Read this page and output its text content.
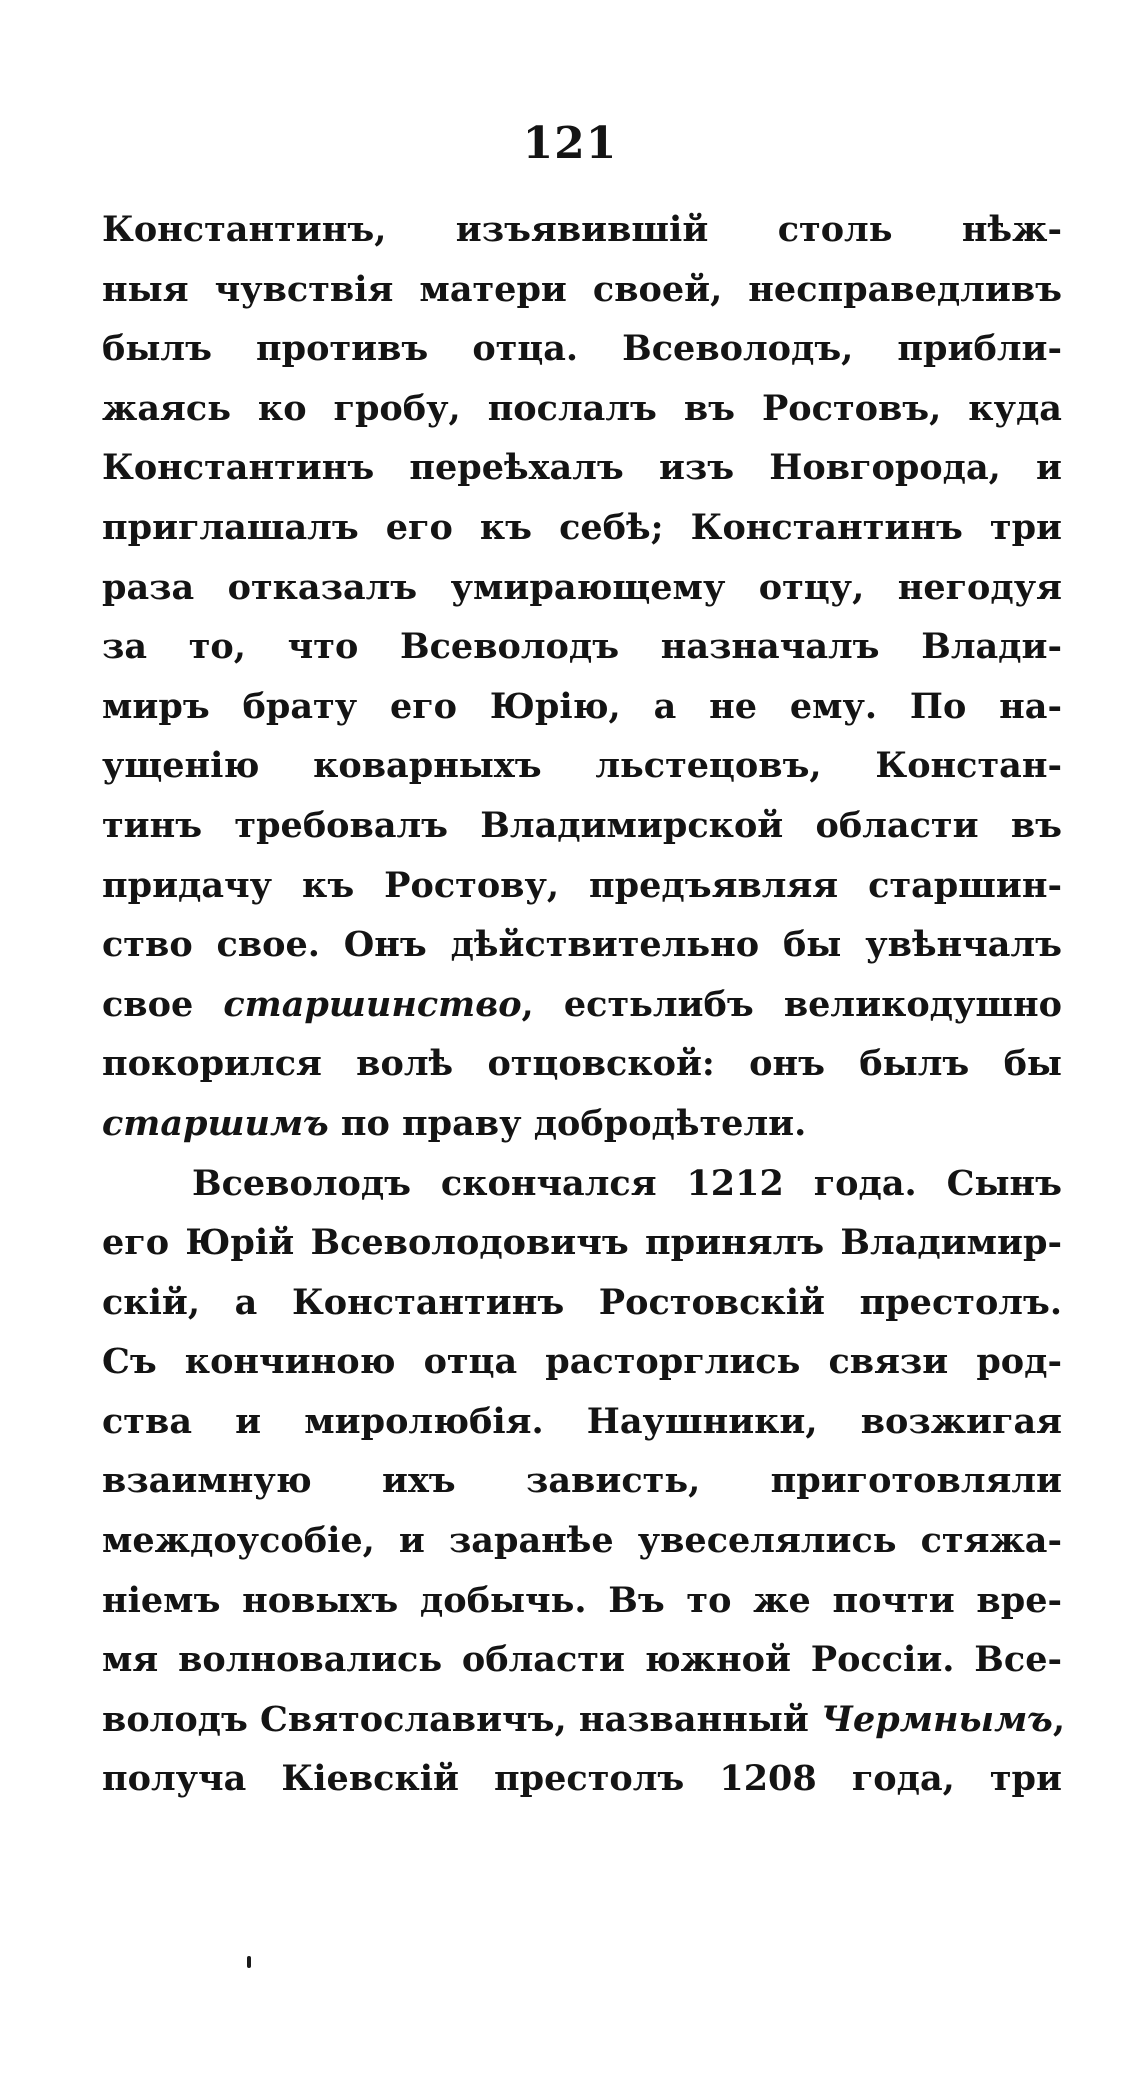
121
Константинъ, изъявившій столь нѣж-
ныя чувствія матери своей, несправедливъ
былъ противъ отца. Всеволодъ, прибли-
жаясь ко гробу, послалъ въ Ростовъ, куда
Константинъ переѣхалъ изъ Новгорода, и
приглашалъ его къ себѣ; Константинъ три
раза отказалъ умирающему отцу, негодуя
за то, что Всеволодъ назначалъ Влади-
миръ брату его Юрію, а не ему. По на-
ущенію коварныхъ льстецовъ, Констан-
тинъ требовалъ Владимирской области въ
придачу къ Ростову, предъявляя старшин-
ство свое. Онъ дѣйствительно бы увѣнчалъ
свое старшинство, естьлибъ великодушно
покорился волѣ отцовской: онъ былъ бы
старшимъ по праву добродѣтели.
Всеволодъ скончался 1212 года. Сынъ
его Юрій Всеволодовичъ принялъ Владимир-
скій, а Константинъ Ростовскій престолъ.
Съ кончиною отца расторглись связи род-
ства и миролюбія. Наушники, возжигая
взаимную ихъ зависть, приготовляли
междоусобіе, и заранѣе увеселялись стяжа-
ніемъ новыхъ добычь. Въ то же почти вре-
мя волновались области южной Россіи. Все-
володъ Святославичъ, названный Чермнымъ,
получа Кіевскій престолъ 1208 года, три
